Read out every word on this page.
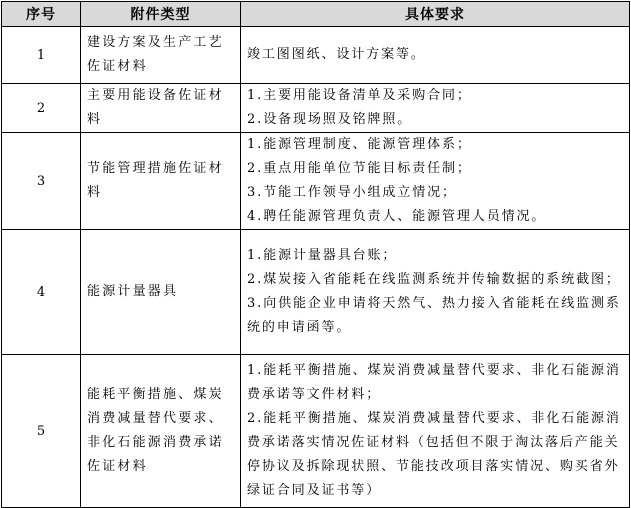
序号	附件类型	具体要求
1	建设方案及生产工艺佐证材料	竣工图图纸、设计方案等。

2	主要用能设备佐证材料	1.主要用能设备清单及采购合同；
2.设备现场照及铭牌照。

3	节能管理措施佐证材料	1.能源管理制度、能源管理体系；
2.重点用能单位节能目标责任制；
3.节能工作领导小组成立情况；
4.聘任能源管理负责人、能源管理人员情况。

4	能源计量器具	1.能源计量器具台账；
2.煤炭接入省能耗在线监测系统并传输数据的系统截图；
3.向供能企业申请将天然气、热力接入省能耗在线监测系统的申请函等。

5	能耗平衡措施、煤炭消费减量替代要求、非化石能源消费承诺佐证材料	1.能耗平衡措施、煤炭消费减量替代要求、非化石能源消费承诺等文件材料；
2.能耗平衡措施、煤炭消费减量替代要求、非化石能源消费承诺落实情况佐证材料（包括但不限于淘汰落后产能关停协议及拆除现状照、节能技改项目落实情况、购买省外绿证合同及证书等）
